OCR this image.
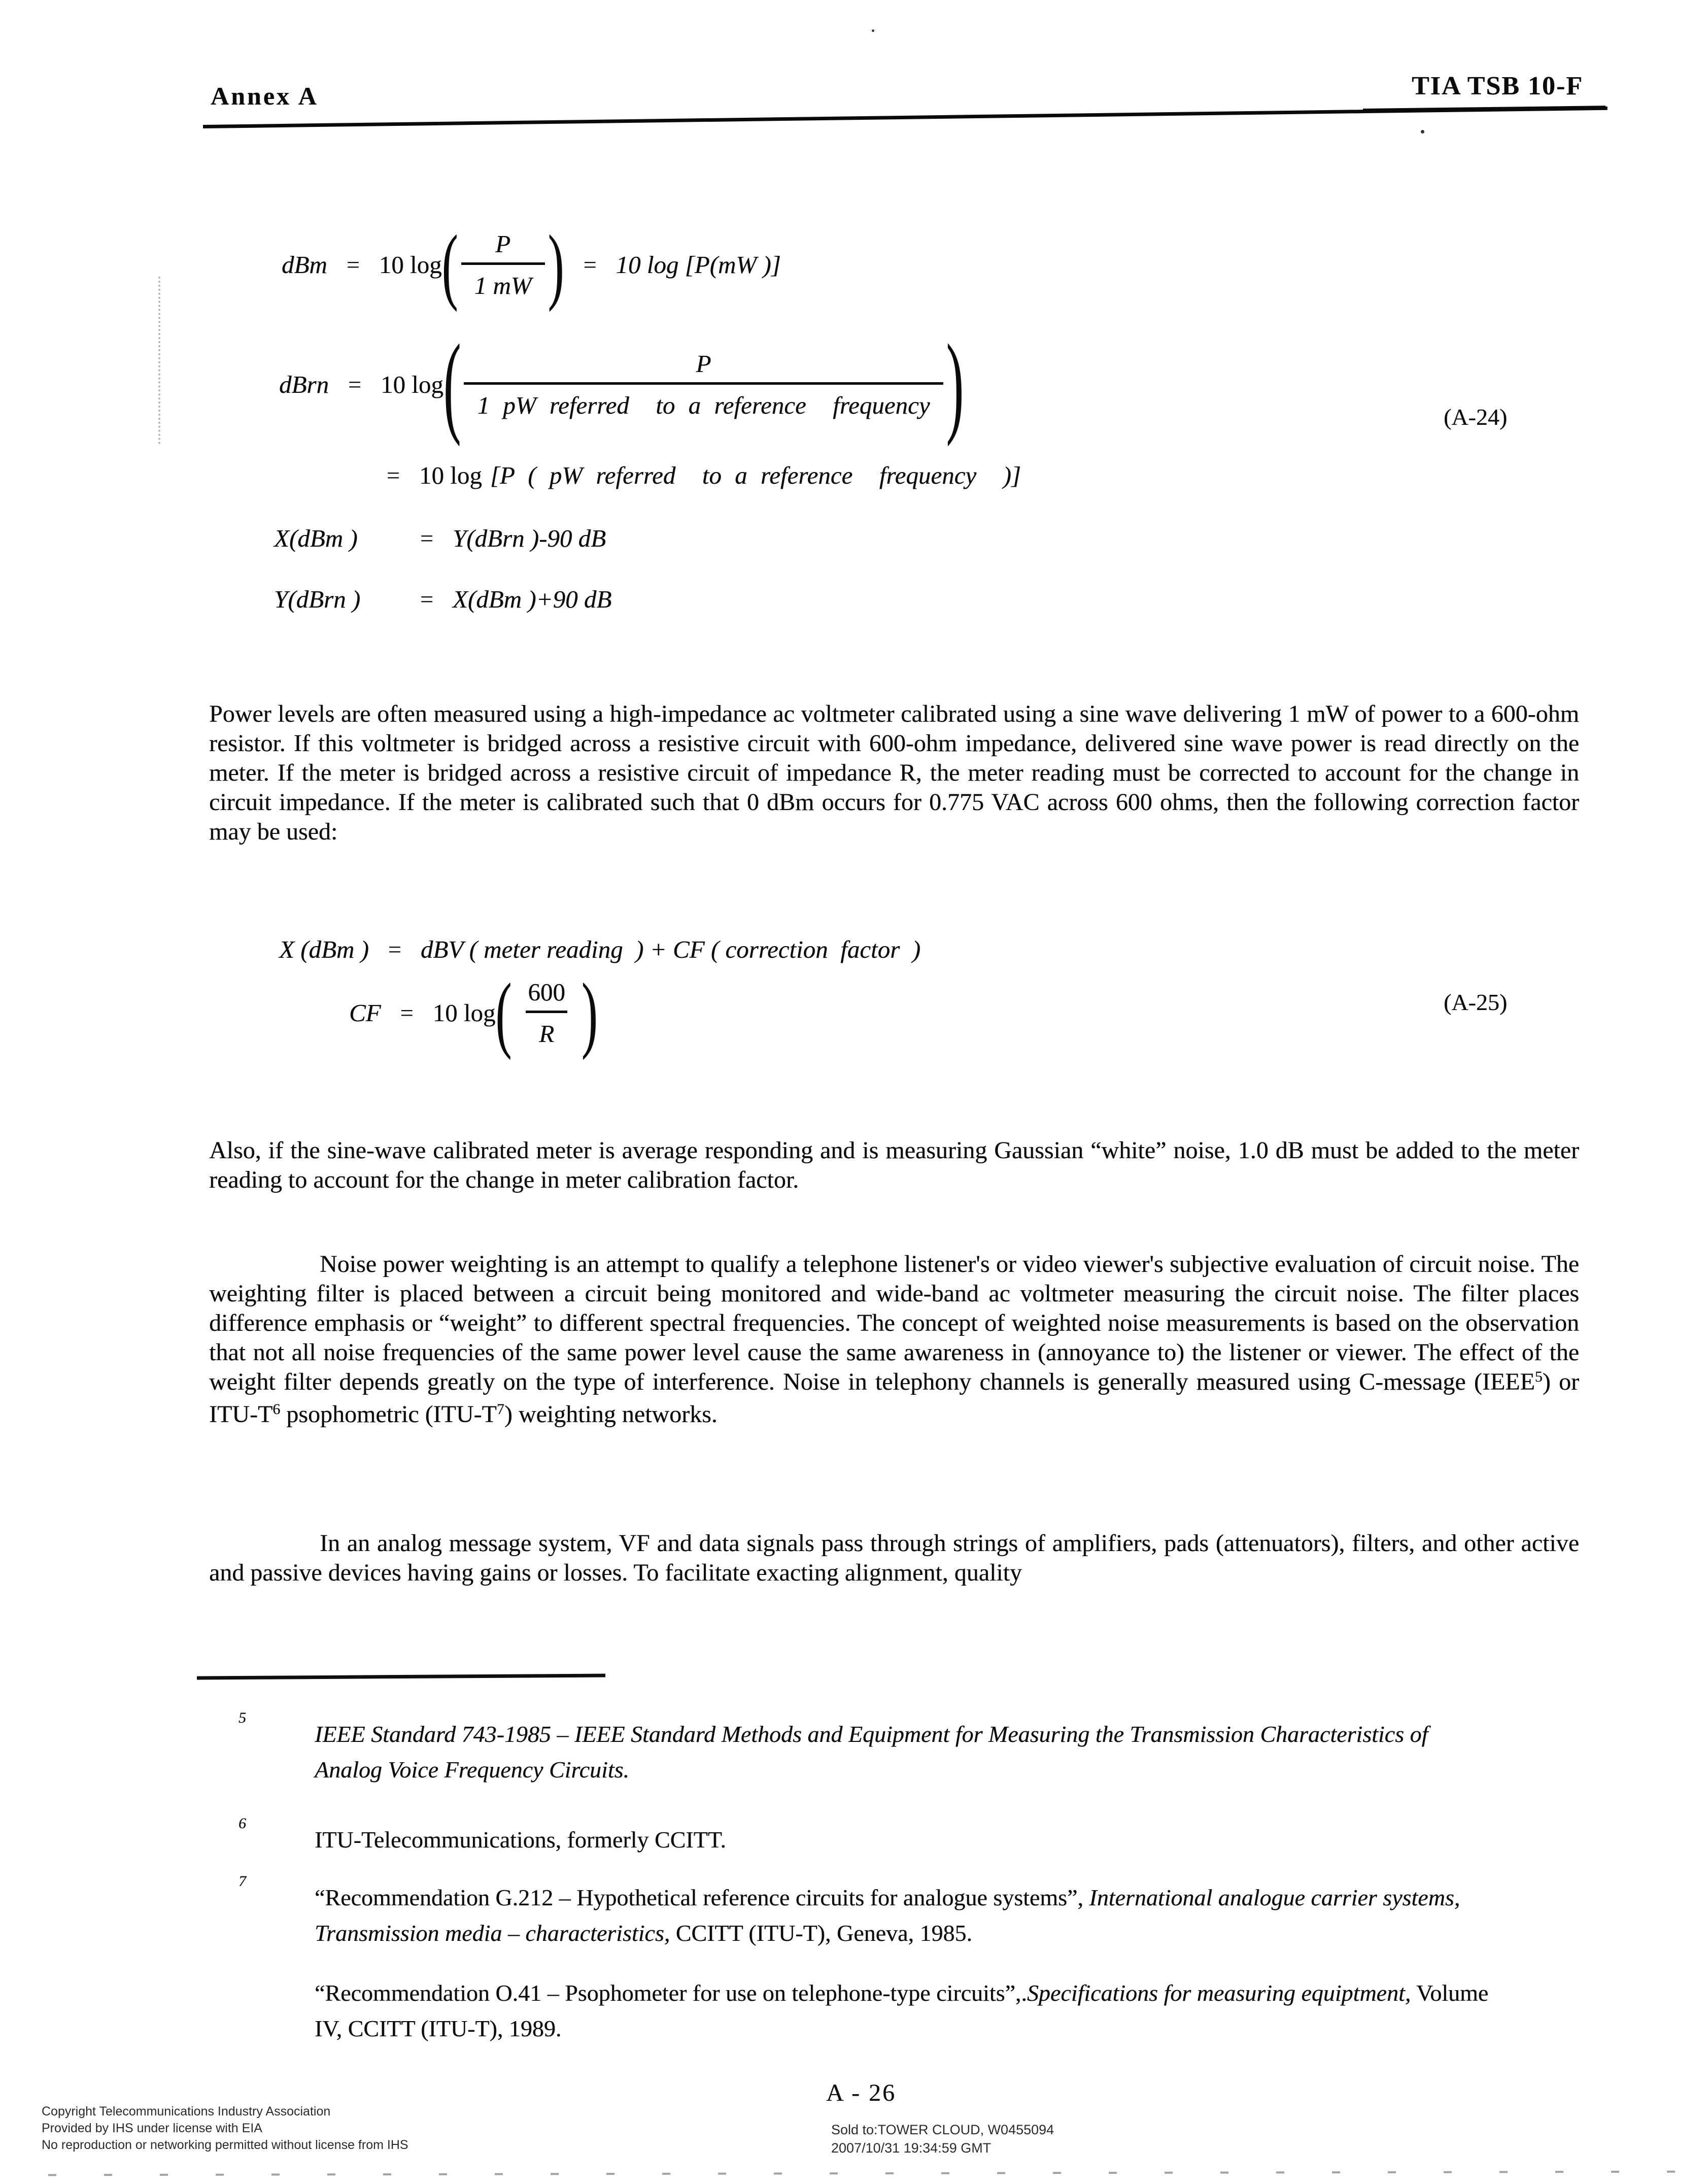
Annex A	TIA TSB 10-F
dBm = 10 log ( $\frac{P}{1 mW}$ ) = 10 log [P(mW )]
dBrn = 10 log ( $\frac{P}{\text{1 pW referred  to a reference  frequency}}$ )	(A-24)
= 10 log [P ( pW referred  to a reference  frequency  )]
X(dBm )	= Y(dBrn )-90 dB
Y(dBrn )	= X(dBm )+90 dB
Power levels are often measured using a high-impedance ac voltmeter calibrated using a sine wave delivering 1 mW of power to a 600-ohm resistor. If this voltmeter is bridged across a resistive circuit with 600-ohm impedance, delivered sine wave power is read directly on the meter. If the meter is bridged across a resistive circuit of impedance R, the meter reading must be corrected to account for the change in circuit impedance. If the meter is calibrated such that 0 dBm occurs for 0.775 VAC across 600 ohms, then the following correction factor may be used:
X (dBm ) = dBV ( meter reading  ) + CF ( correction  factor  )
CF = 10 log ( $\frac{600}{R}$ )	(A-25)
Also, if the sine-wave calibrated meter is average responding and is measuring Gaussian “white” noise, 1.0 dB must be added to the meter reading to account for the change in meter calibration factor.
Noise power weighting is an attempt to qualify a telephone listener's or video viewer's subjective evaluation of circuit noise. The weighting filter is placed between a circuit being monitored and wide-band ac voltmeter measuring the circuit noise. The filter places difference emphasis or “weight” to different spectral frequencies. The concept of weighted noise measurements is based on the observation that not all noise frequencies of the same power level cause the same awareness in (annoyance to) the listener or viewer. The effect of the weight filter depends greatly on the type of interference. Noise in telephony channels is generally measured using C-message (IEEE$^5$) or ITU-$T^6$ psophometric $(ITU-T^7)$ weighting networks.
In an analog message system, VF and data signals pass through strings of amplifiers, pads (attenuators), filters, and other active and passive devices having gains or losses. To facilitate exacting alignment, quality
5
IEEE Standard 743-1985 – IEEE Standard Methods and Equipment for Measuring the Transmission Characteristics of Analog Voice Frequency Circuits.
6
ITU-Telecommunications, formerly CCITT.
7
“Recommendation G.212 – Hypothetical reference circuits for analogue systems”, International analogue carrier systems, Transmission media – characteristics, CCITT (ITU-T), Geneva, 1985.
“Recommendation O.41 – Psophometer for use on telephone-type circuits”,.Specifications for measuring equiptment, Volume IV, CCITT (ITU-T), 1989.
A - 26
Copyright Telecommunications Industry Association
Provided by IHS under license with EIA
No reproduction or networking permitted without license from IHS
Sold to:TOWER CLOUD, W0455094
2007/10/31 19:34:59 GMT
